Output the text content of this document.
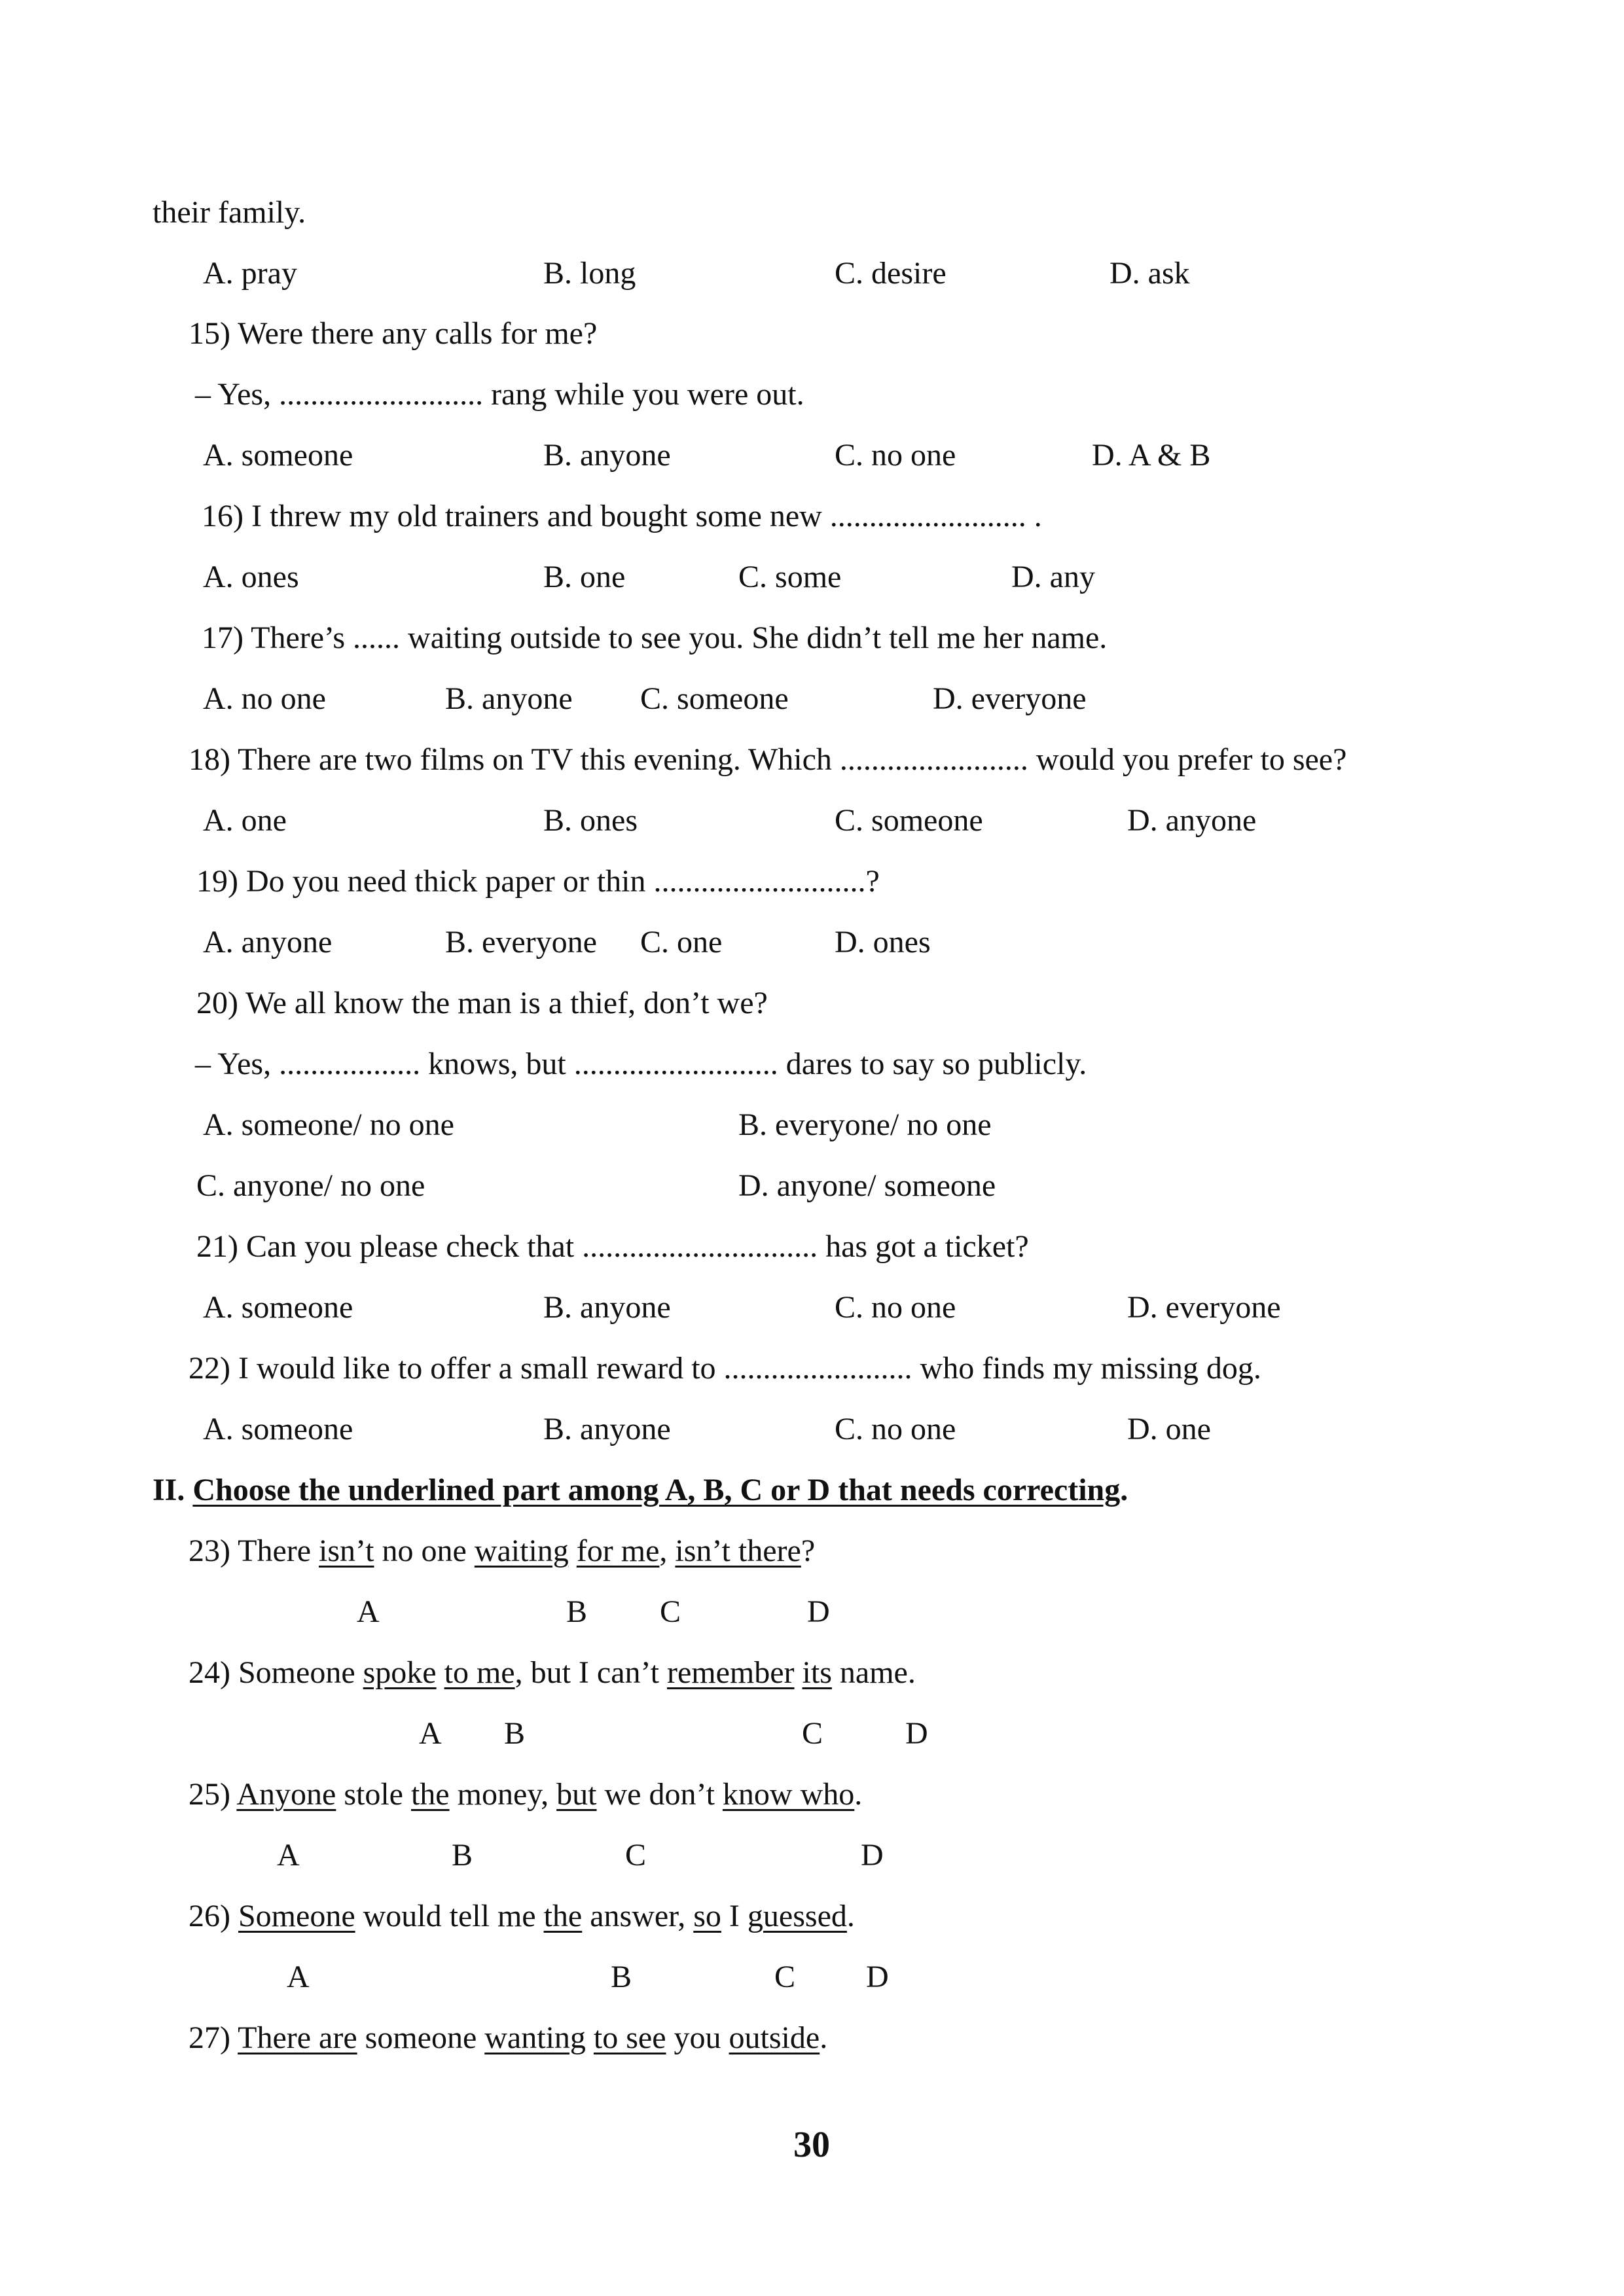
their family.
A. pray	B. long	C. desire	D. ask
15) Were there any calls for me?
– Yes, .......................... rang while you were out.
A. someone	B. anyone	C. no one	D. A & B
16) I threw my old trainers and bought some new ......................... .
A. ones	B. one	C. some	D. any
17) There’s ...... waiting outside to see you. She didn’t tell me her name.
A. no one	B. anyone C. someone	D. everyone
18) There are two films on TV this evening. Which ........................ would you prefer to see?
A. one	B. ones	C. someone	D. anyone
19) Do you need thick paper or thin ...........................?
A. anyone	B. everyone C. one	D. ones
20) We all know the man is a thief, don’t we?
– Yes, .................. knows, but .......................... dares to say so publicly.
A. someone/ no one	B. everyone/ no one
C. anyone/ no one	D. anyone/ someone
21) Can you please check that .............................. has got a ticket?
A. someone	B. anyone	C. no one	D. everyone
22) I would like to offer a small reward to ........................ who finds my missing dog.
A. someone	B. anyone	C. no one	D. one
II. Choose the underlined part among A, B, C or D that needs correcting.
23) There isn’t no one waiting for me, isn’t there?
A	B C	D
24) Someone spoke to me, but I can’t remember its name.
A B	C	D
25) Anyone stole the money, but we don’t know who.
A	B	C	D
26) Someone would tell me the answer, so I guessed.
A	B	C D
27) There are someone wanting to see you outside.
30
